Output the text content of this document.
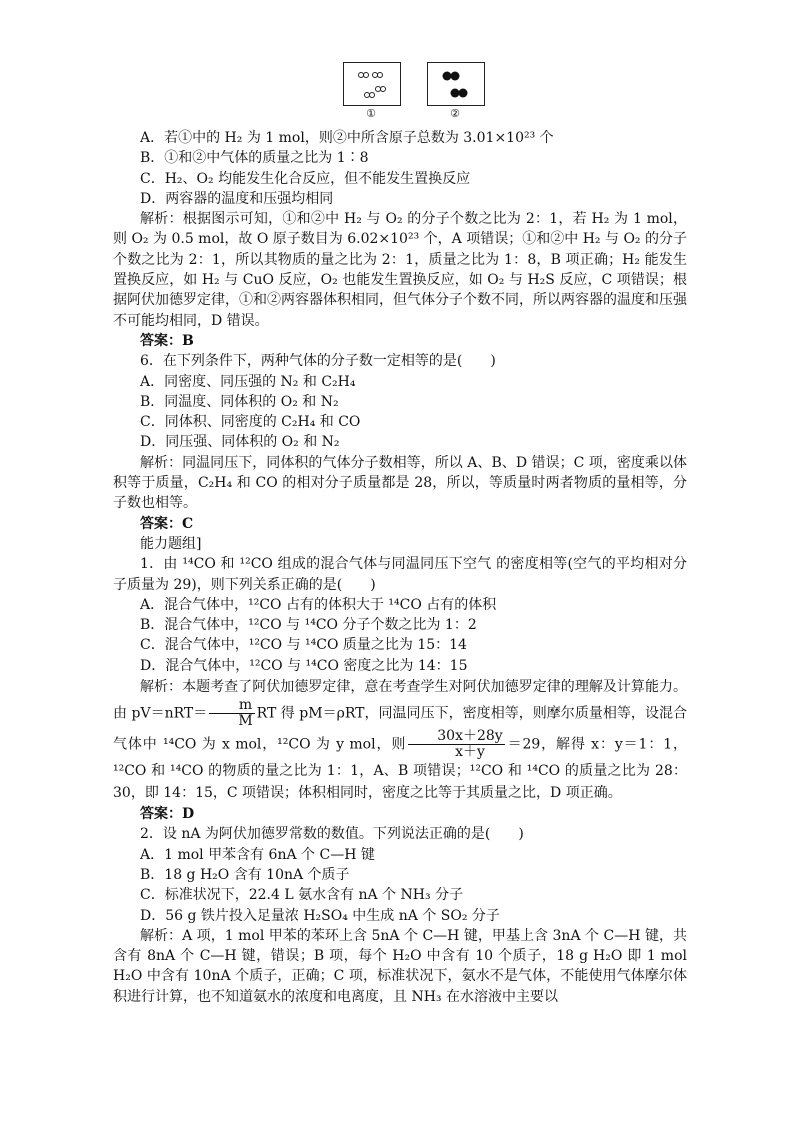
①	②
A．若①中的 H₂ 为 1 mol，则②中所含原子总数为 3.01×10²³ 个
B．①和②中气体的质量之比为 1∶8
C．H₂、O₂ 均能发生化合反应，但不能发生置换反应
D．两容器的温度和压强均相同
解析：根据图示可知，①和②中 H₂ 与 O₂ 的分子个数之比为 2：1，若 H₂ 为 1 mol，则 O₂ 为 0.5 mol，故 O 原子数目为 6.02×10²³ 个，A 项错误；①和②中 H₂ 与 O₂ 的分子个数之比为 2：1，所以其物质的量之比为 2：1，质量之比为 1：8，B 项正确；H₂ 能发生置换反应，如 H₂ 与 CuO 反应，O₂ 也能发生置换反应，如 O₂ 与 H₂S 反应，C 项错误；根据阿伏加德罗定律，①和②两容器体积相同，但气体分子个数不同，所以两容器的温度和压强不可能均相同，D 错误。
答案：B
6．在下列条件下，两种气体的分子数一定相等的是(　　)
A．同密度、同压强的 N₂ 和 C₂H₄
B．同温度、同体积的 O₂ 和 N₂
C．同体积、同密度的 C₂H₄ 和 CO
D．同压强、同体积的 O₂ 和 N₂
解析：同温同压下，同体积的气体分子数相等，所以 A、B、D 错误；C 项，密度乘以体积等于质量，C₂H₄ 和 CO 的相对分子质量都是 28，所以，等质量时两者物质的量相等，分子数也相等。
答案：C
能力题组]
1．由 ¹⁴CO 和 ¹²CO 组成的混合气体与同温同压下空气 的密度相等(空气的平均相对分子质量为 29)，则下列关系正确的是(　　)
A．混合气体中，¹²CO 占有的体积大于 ¹⁴CO 占有的体积
B．混合气体中，¹²CO 与 ¹⁴CO 分子个数之比为 1：2
C．混合气体中，¹²CO 与 ¹⁴CO 质量之比为 15：14
D．混合气体中，¹²CO 与 ¹⁴CO 密度之比为 14：15
解析：本题考查了阿伏加德罗定律，意在考查学生对阿伏加德罗定律的理解及计算能力。由 $pV=nRT= \frac{m}{M}$ RT 得 pM＝ρRT，同温同压下，密度相等，则摩尔质量相等，设混合气体中 ¹⁴CO 为 x mol，¹²CO 为 y mol，则 $\frac{30x+28y}{x+y} =29$，解得 x：y＝1：1，¹²CO 和 ¹⁴CO 的物质的量之比为 1：1，A、B 项错误；¹²CO 和 ¹⁴CO 的质量之比为 28：30，即 14：15，C 项错误；体积相同时，密度之比等于其质量之比，D 项正确。
答案：D
2．设 nA 为阿伏加德罗常数的数值。下列说法正确的是(　　)
A．1 mol 甲苯含有 6nA 个 C—H 键
B．18 g H₂O 含有 10nA 个质子
C．标准状况下，22.4 L 氨水含有 nA 个 NH₃ 分子
D．56 g 铁片投入足量浓 H₂SO₄ 中生成 nA 个 SO₂ 分子
解析：A 项，1 mol 甲苯的苯环上含 5nA 个 C—H 键，甲基上含 3nA 个 C—H 键，共含有 8nA 个 C—H 键，错误；B 项，每个 H₂O 中含有 10 个质子，18 g H₂O 即 1 mol H₂O 中含有 10nA 个质子，正确；C 项，标准状况下，氨水不是气体，不能使用气体摩尔体积进行计算，也不知道氨水的浓度和电离度，且 NH₃ 在水溶液中主要以
